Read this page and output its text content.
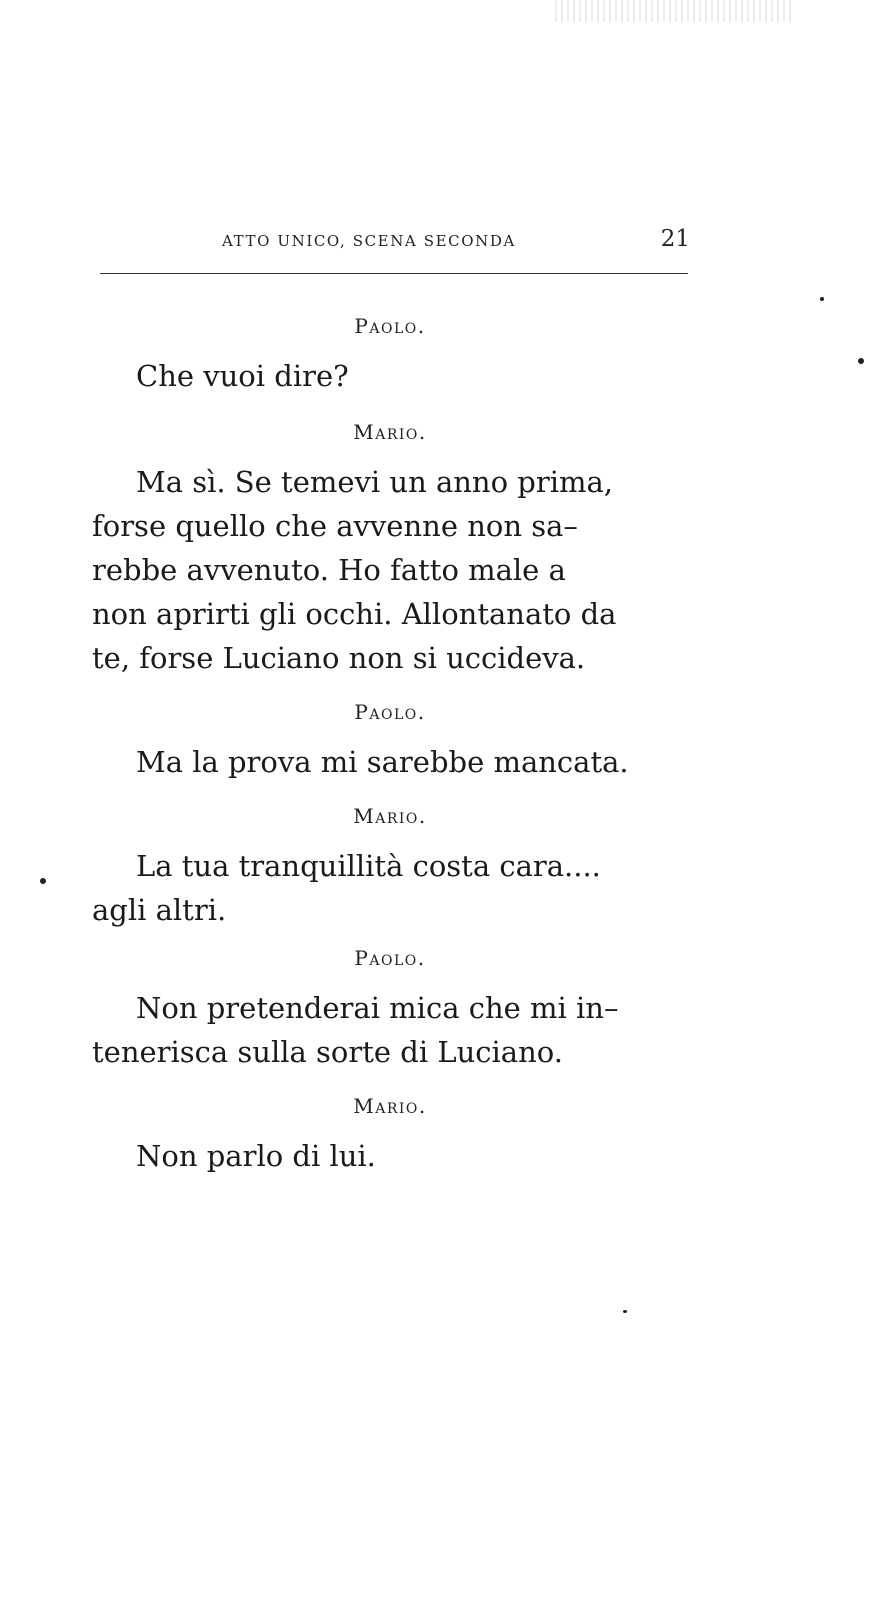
ATTO UNICO, SCENA SECONDA	21

Paolo.

Che vuoi dire?

Mario.

Ma sì. Se temevi un anno prima,

forse quello che avvenne non sa–

rebbe avvenuto. Ho fatto male a

non aprirti gli occhi. Allontanato da

te, forse Luciano non si uccideva.

Paolo.

Ma la prova mi sarebbe mancata.

Mario.

La tua tranquillità costa cara....

agli altri.

Paolo.

Non pretenderai mica che mi in–

tenerisca sulla sorte di Luciano.

Mario.

Non parlo di lui.
